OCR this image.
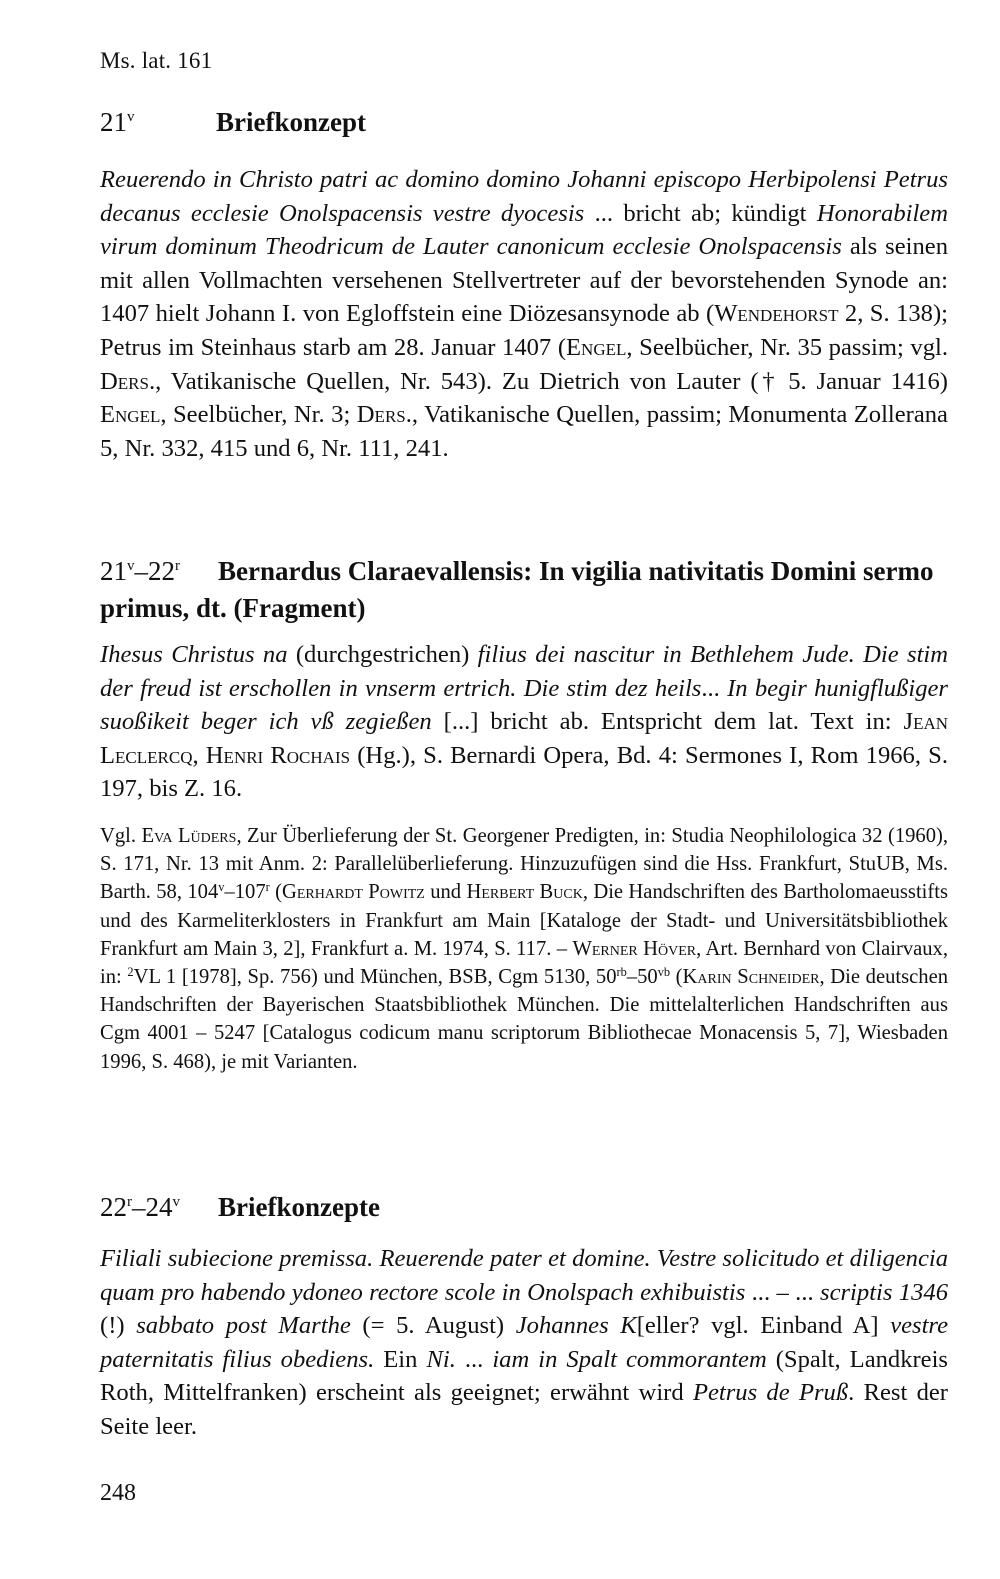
Ms. lat. 161
21$^v$	Briefkonzept

Reuerendo in Christo patri ac domino domino Johanni episcopo Herbipolensi Petrus decanus ecclesie Onolspacensis vestre dyocesis ... bricht ab; kündigt Honorabilem virum dominum Theodricum de Lauter canonicum ecclesie Onolspacensis als seinen mit allen Vollmachten versehenen Stellvertreter auf der bevorstehenden Synode an: 1407 hielt Johann I. von Egloffstein eine Diözesansynode ab (Wendehorst 2, S. 138); Petrus im Steinhaus starb am 28. Januar 1407 (Engel, Seelbücher, Nr. 35 passim; vgl. Ders., Vatikanische Quellen, Nr. 543). Zu Dietrich von Lauter († 5. Januar 1416) Engel, Seelbücher, Nr. 3; Ders., Vatikanische Quellen, passim; Monumenta Zollerana 5, Nr. 332, 415 und 6, Nr. 111, 241.

21$^v$–22$^r$ Bernardus Claraevallensis: In vigilia nativitatis Domini sermo primus, dt. (Fragment)

Ihesus Christus na (durchgestrichen) filius dei nascitur in Bethlehem Jude. Die stim der freud ist erschollen in vnserm ertrich. Die stim dez heils... In begir hunigflußiger suoßikeit beger ich vß zegießen [...] bricht ab. Entspricht dem lat. Text in: Jean Leclercq, Henri Rochais (Hg.), S. Bernardi Opera, Bd. 4: Sermones I, Rom 1966, S. 197, bis Z. 16.

Vgl. Eva Lüders, Zur Überlieferung der St. Georgener Predigten, in: Studia Neophilologica 32 (1960), S. 171, Nr. 13 mit Anm. 2: Parallelüberlieferung. Hinzuzufügen sind die Hss. Frankfurt, StuUB, Ms. Barth. 58, 104$^v$–107$^r$ (Gerhardt Powitz und Herbert Buck, Die Handschriften des Bartholomaeusstifts und des Karmeliterklosters in Frankfurt am Main [Kataloge der Stadt- und Universitätsbibliothek Frankfurt am Main 3, 2], Frankfurt a. M. 1974, S. 117. – Werner Höver, Art. Bernhard von Clairvaux, in: $^2$VL 1 [1978], Sp. 756) und München, BSB, Cgm 5130, $50^{rb}-50^{vb}$ (Karin Schneider, Die deutschen Handschriften der Bayerischen Staatsbibliothek München. Die mittelalterlichen Handschriften aus Cgm 4001 – 5247 [Catalogus codicum manu scriptorum Bibliothecae Monacensis 5, 7], Wiesbaden 1996, S. 468), je mit Varianten.

22$^r$–24$^v$ Briefkonzepte

Filiali subiecione premissa. Reuerende pater et domine. Vestre solicitudo et diligencia quam pro habendo ydoneo rectore scole in Onolspach exhibuistis ... – ... scriptis 1346 (!) sabbato post Marthe (= 5. August) Johannes K[eller? vgl. Einband A] vestre paternitatis filius obediens. Ein Ni. ... iam in Spalt commorantem (Spalt, Landkreis Roth, Mittelfranken) erscheint als geeignet; erwähnt wird Petrus de Pruß. Rest der Seite leer.

248
